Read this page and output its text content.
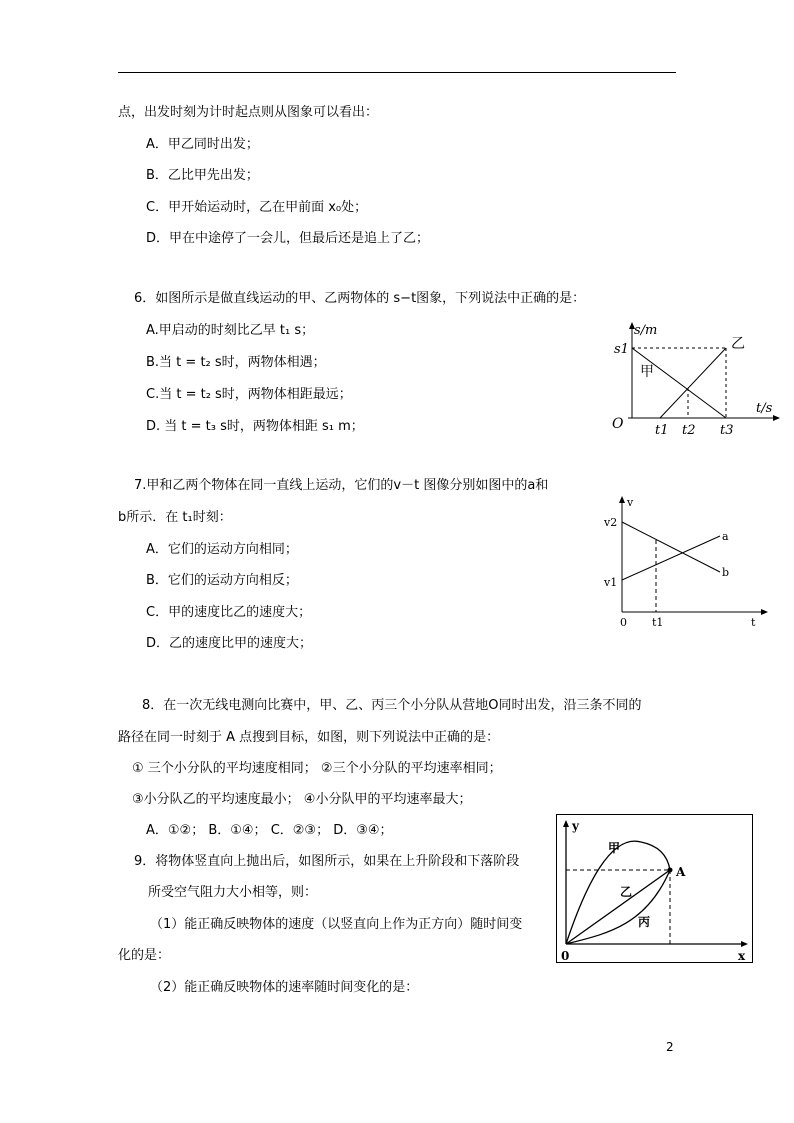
点，出发时刻为计时起点则从图象可以看出：
A．甲乙同时出发；
B．乙比甲先出发；
C．甲开始运动时，乙在甲前面 x₀处；
D．甲在中途停了一会儿，但最后还是追上了乙；
6．如图所示是做直线运动的甲、乙两物体的 s−t图象，下列说法中正确的是：
A.甲启动的时刻比乙早 t₁ s；
B.当 t = t₂ s时，两物体相遇；
C.当 t = t₂ s时，两物体相距最远；
D. 当 t = t₃ s时，两物体相距 s₁ m；
s/m
t/s
O
s1
t1 t2 t3
甲
乙
7.甲和乙两个物体在同一直线上运动，它们的v－t 图像分别如图中的a和
b所示．在 t₁时刻：
A．它们的运动方向相同；
B．它们的运动方向相反；
C．甲的速度比乙的速度大；
D．乙的速度比甲的速度大；
v
t
0
v2
v1
t1
a
b
8．在一次无线电测向比赛中，甲、乙、丙三个小分队从营地O同时出发，沿三条不同的
路径在同一时刻于 A 点搜到目标，如图，则下列说法中正确的是：
① 三个小分队的平均速度相同； ②三个小分队的平均速率相同；
③小分队乙的平均速度最小； ④小分队甲的平均速率最大；
A．①②； B．①④； C．②③； D．③④；	y
x
0
A
甲
乙
丙
9．将物体竖直向上抛出后，如图所示，如果在上升阶段和下落阶段
所受空气阻力大小相等，则：
（1）能正确反映物体的速度（以竖直向上作为正方向）随时间变
化的是：
（2）能正确反映物体的速率随时间变化的是：
2
